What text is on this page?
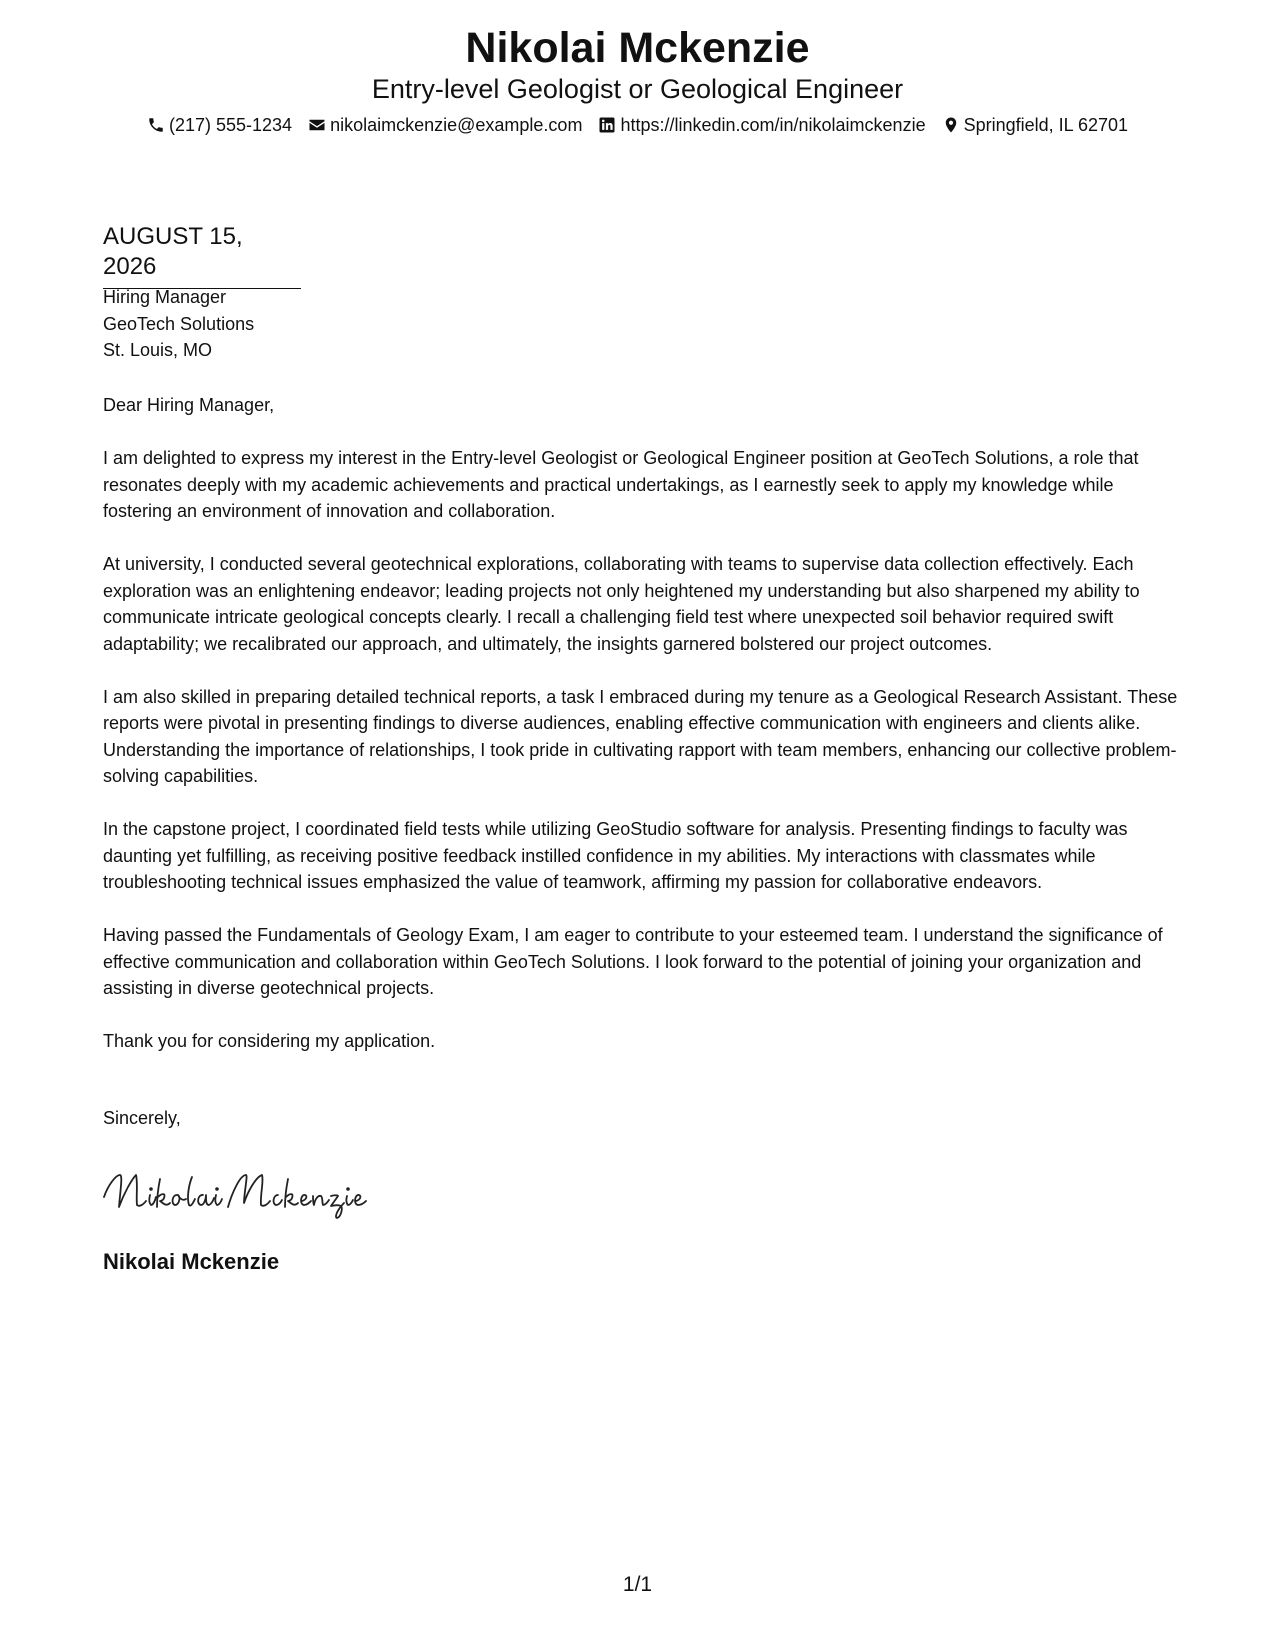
Nikolai Mckenzie
Entry-level Geologist or Geological Engineer
(217) 555-1234 nikolaimckenzie@example.com https://linkedin.com/in/nikolaimckenzie Springfield, IL 62701
AUGUST 15, 2026
Hiring Manager
GeoTech Solutions
St. Louis, MO

Dear Hiring Manager,

I am delighted to express my interest in the Entry-level Geologist or Geological Engineer position at GeoTech Solutions, a role that resonates deeply with my academic achievements and practical undertakings, as I earnestly seek to apply my knowledge while fostering an environment of innovation and collaboration.

At university, I conducted several geotechnical explorations, collaborating with teams to supervise data collection effectively. Each exploration was an enlightening endeavor; leading projects not only heightened my understanding but also sharpened my ability to communicate intricate geological concepts clearly. I recall a challenging field test where unexpected soil behavior required swift adaptability; we recalibrated our approach, and ultimately, the insights garnered bolstered our project outcomes.

I am also skilled in preparing detailed technical reports, a task I embraced during my tenure as a Geological Research Assistant. These reports were pivotal in presenting findings to diverse audiences, enabling effective communication with engineers and clients alike. Understanding the importance of relationships, I took pride in cultivating rapport with team members, enhancing our collective problem-solving capabilities.

In the capstone project, I coordinated field tests while utilizing GeoStudio software for analysis. Presenting findings to faculty was daunting yet fulfilling, as receiving positive feedback instilled confidence in my abilities. My interactions with classmates while troubleshooting technical issues emphasized the value of teamwork, affirming my passion for collaborative endeavors.

Having passed the Fundamentals of Geology Exam, I am eager to contribute to your esteemed team. I understand the significance of effective communication and collaboration within GeoTech Solutions. I look forward to the potential of joining your organization and assisting in diverse geotechnical projects.

Thank you for considering my application.

Sincerely,
Nikolai Mckenzie
1/1
